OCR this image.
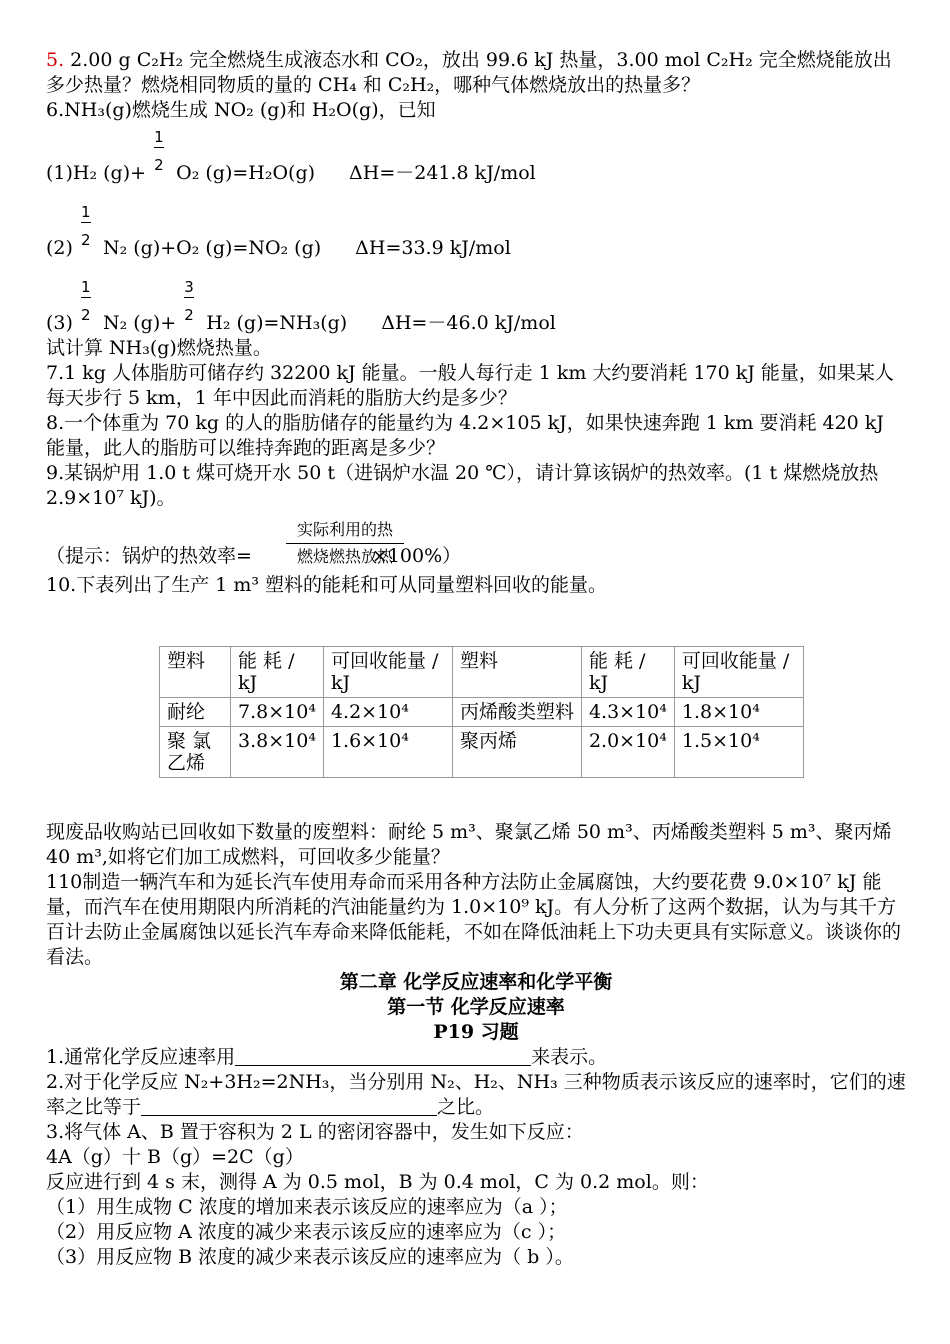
5. 2.00 g C₂H₂ 完全燃烧生成液态水和 CO₂，放出 99.6 kJ 热量，3.00 mol C₂H₂ 完全燃烧能放出多少热量？燃烧相同物质的量的 CH₄ 和 C₂H₂，哪种气体燃烧放出的热量多？

6.NH₃(g)燃烧生成 NO₂ (g)和 H₂O(g)，已知

(1)H₂ $(g)+ \frac{1}{2} O_2$ (g)=H₂O(g) ΔH=－241.8 kJ/mol
$(2) \frac{1}{2} N_2$ (g)+O₂ (g)=NO₂ (g) ΔH=33.9 kJ/mol
$(3) \frac{1}{2} N_2$ $(g)+ \frac{3}{2} H_2$ (g)=NH₃(g) ΔH=－46.0 kJ/mol

试计算 NH₃(g)燃烧热量。

7.1 kg 人体脂肪可储存约 32200 kJ 能量。一般人每行走 1 km 大约要消耗 170 kJ 能量，如果某人每天步行 5 km，1 年中因此而消耗的脂肪大约是多少？

8.一个体重为 70 kg 的人的脂肪储存的能量约为 4.2×105 kJ，如果快速奔跑 1 km 要消耗 420 kJ 能量，此人的脂肪可以维持奔跑的距离是多少？

9.某锅炉用 1.0 t 煤可烧开水 50 t（进锅炉水温 20 ℃），请计算该锅炉的热效率。(1 t 煤燃烧放热 2.9×10⁷ kJ)。

实际利用的热
燃烧燃热放热
（提示：锅炉的热效率=	×100%）

10.下表列出了生产 1 m³ 塑料的能耗和可从同量塑料回收的能量。

塑料	能 耗 / kJ	可回收能量 / kJ	塑料	能 耗 / kJ	可回收能量 / kJ
耐纶	7.8×10⁴	4.2×10⁴	丙烯酸类塑料	4.3×10⁴	1.8×10⁴
聚 氯 乙烯	3.8×10⁴	1.6×10⁴	聚丙烯	2.0×10⁴	1.5×10⁴

现废品收购站已回收如下数量的废塑料：耐纶 5 m³、聚氯乙烯 50 m³、丙烯酸类塑料 5 m³、聚丙烯 40 m³,如将它们加工成燃料，可回收多少能量？

110制造一辆汽车和为延长汽车使用寿命而采用各种方法防止金属腐蚀，大约要花费 9.0×10⁷ kJ 能量，而汽车在使用期限内所消耗的汽油能量约为 1.0×10⁹ kJ。有人分析了这两个数据，认为与其千方百计去防止金属腐蚀以延长汽车寿命来降低能耗，不如在降低油耗上下功夫更具有实际意义。谈谈你的看法。

第二章 化学反应速率和化学平衡

第一节 化学反应速率

P19 习题

1.通常化学反应速率用	来表示。

2.对于化学反应 N₂+3H₂=2NH₃，当分别用 N₂、H₂、NH₃ 三种物质表示该反应的速率时，它们的速率之比等于	之比。

3.将气体 A、B 置于容积为 2 L 的密闭容器中，发生如下反应：

4A（g）十 B（g）=2C（g）

反应进行到 4 s 末，测得 A 为 0.5 mol，B 为 0.4 mol，C 为 0.2 mol。则：

（1）用生成物 C 浓度的增加来表示该反应的速率应为（a ）；

（2）用反应物 A 浓度的减少来表示该反应的速率应为（c ）；

（3）用反应物 B 浓度的减少来表示该反应的速率应为（ b ）。
